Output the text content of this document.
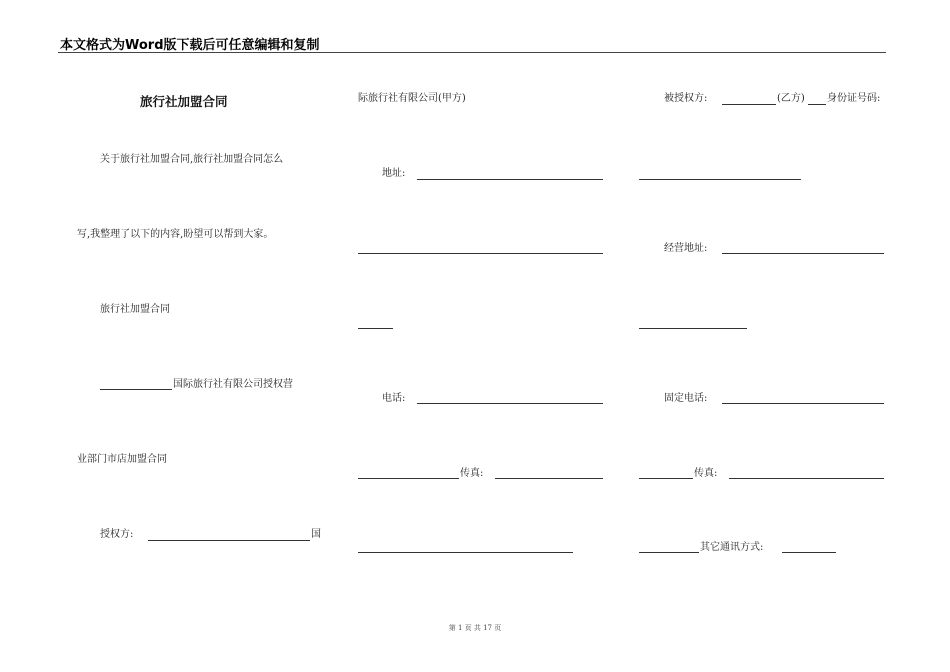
本文格式为Word版下载后可任意编辑和复制
旅行社加盟合同
关于旅行社加盟合同,旅行社加盟合同怎么
写,我整理了以下的内容,盼望可以帮到大家。
旅行社加盟合同
国际旅行社有限公司授权营
业部门市店加盟合同
授权方:	国
际旅行社有限公司(甲方)
地址:
电话:
传真:
被授权方:	(乙方) 身份证号码:
经营地址:
固定电话:
传真:
其它通讯方式:
第 1 页 共 17 页
